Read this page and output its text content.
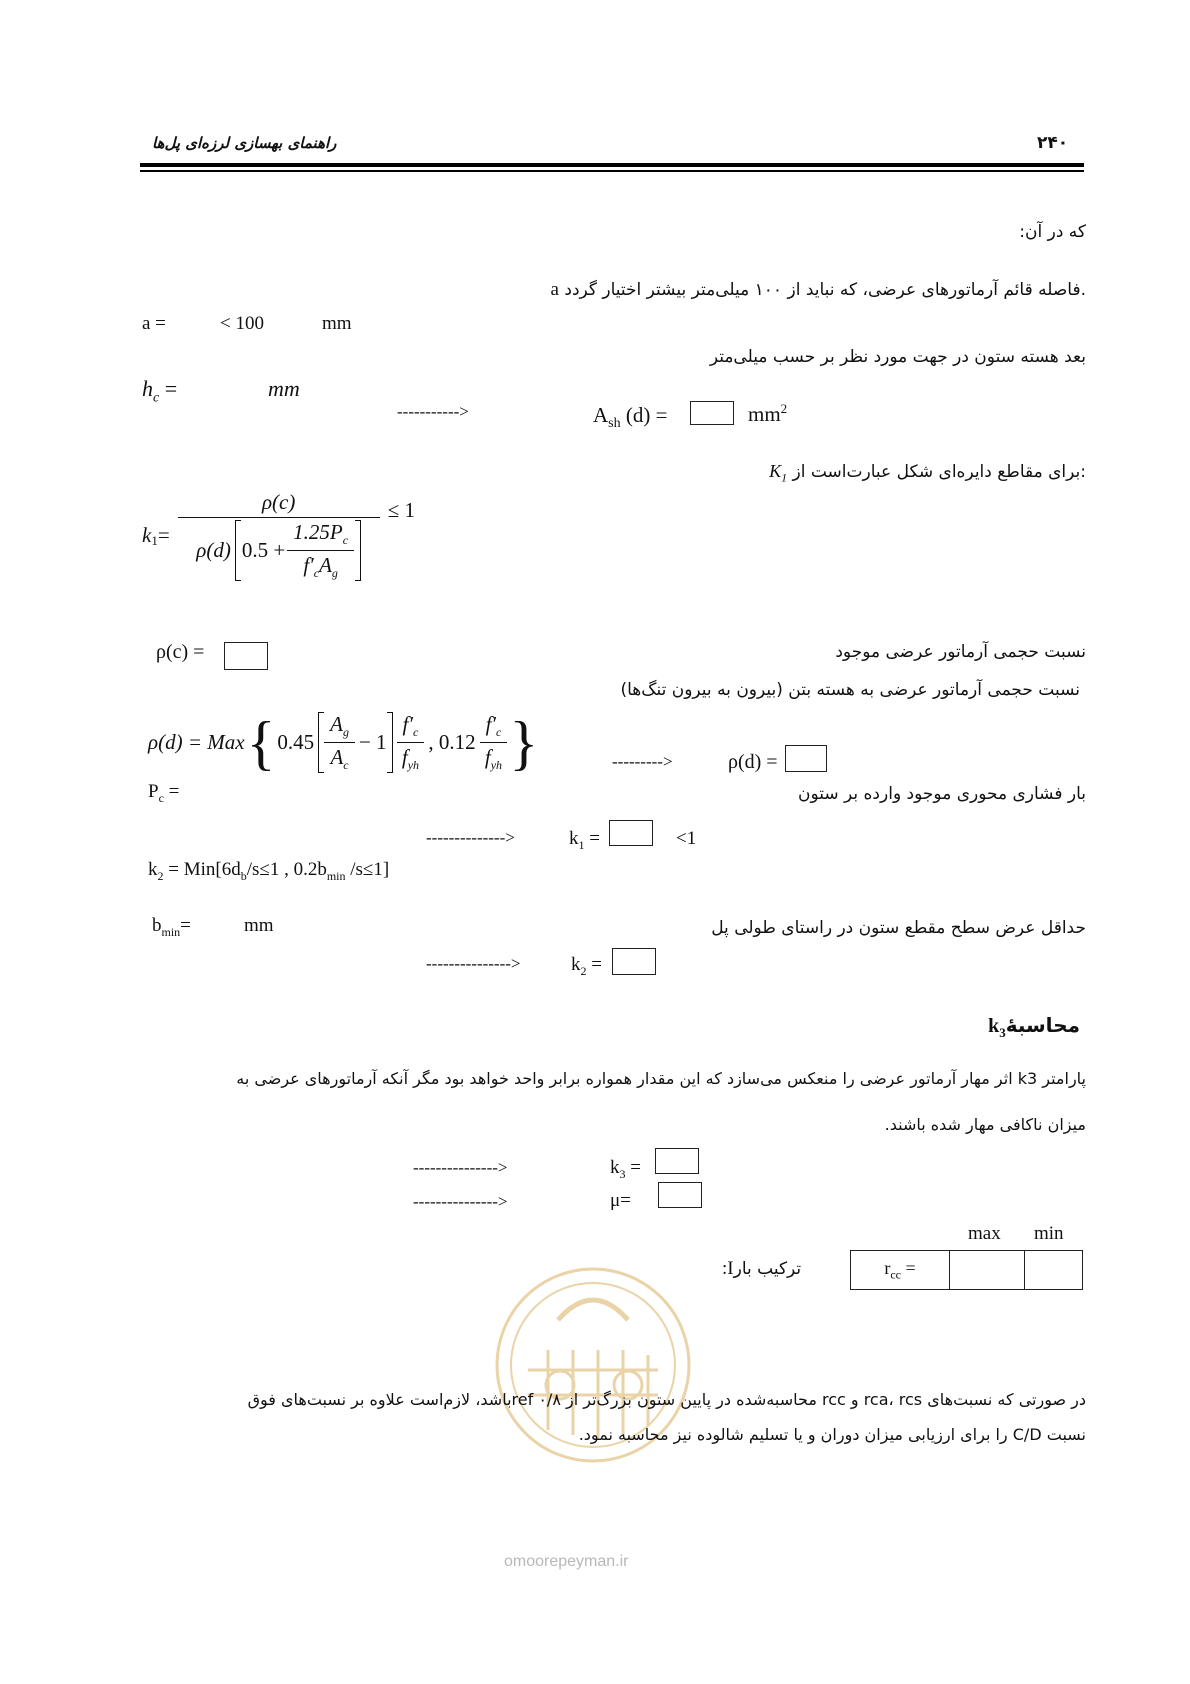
۲۴۰
راهنمای بهسازی لرزه‌ای پل‌ها
که در آن:
a فاصله قائم آرماتورهای عرضی، که نباید از ۱۰۰ میلی‌متر بیشتر اختیار گردد.
a =	< 100	mm
بعد هسته ستون در جهت مورد نظر بر حسب میلی‌متر
$h_c$ =	mm
----------->	$A_{sh}$ (d) =	$mm^2$
$K_1$ برای مقاطع دایره‌ای شکل عبارت‌است از:
$k_1$ =
ρ(c)
ρ(d) $0.5 + \frac{1.25P_c}{f'_cA_g}$
≤ 1
ρ(c) =	نسبت حجمی آرماتور عرضی موجود
نسبت حجمی آرماتور عرضی به هسته بتن (بیرون به بیرون تنگ‌ها)
ρ(d) = Max { $0.45 \frac{A_g}{A_c} - 1 \frac{f'_c}{f_{yh}}$ , $0.12 \frac{f'_c}{f_{yh}}$ }	--------->	ρ(d) =
$P_c$ =	بار فشاری محوری موجود وارده بر ستون
-------------->	$k_1$ =	<1
$k_2 = Min[6d_b/s\le 1$ , $0.2b_{min}$ /s≤1]
$b_{min}=$	mm	حداقل عرض سطح مقطع ستون در راستای طولی پل
--------------->	$k_2$ =
$محاسبهٔk_3$
پارامتر k3 اثر مهار آرماتور عرضی را منعکس می‌سازد که این مقدار همواره برابر واحد خواهد بود مگر آنکه آرماتورهای عرضی به
میزان ناکافی مهار شده باشند.
--------------->	$k_3$ =
--------------->	μ=
max min
ترکیب بارI:	$r_{cc}$ =		
در صورتی که نسبت‌های rca، rcs و rcc محاسبه‌شده در پایین ستون بزرگ‌تر از ref ۰/۸باشد، لازم‌است علاوه بر نسبت‌های فوق
نسبت C/D را برای ارزیابی میزان دوران و یا تسلیم شالوده نیز محاسبه نمود.
omoorepeyman.ir
